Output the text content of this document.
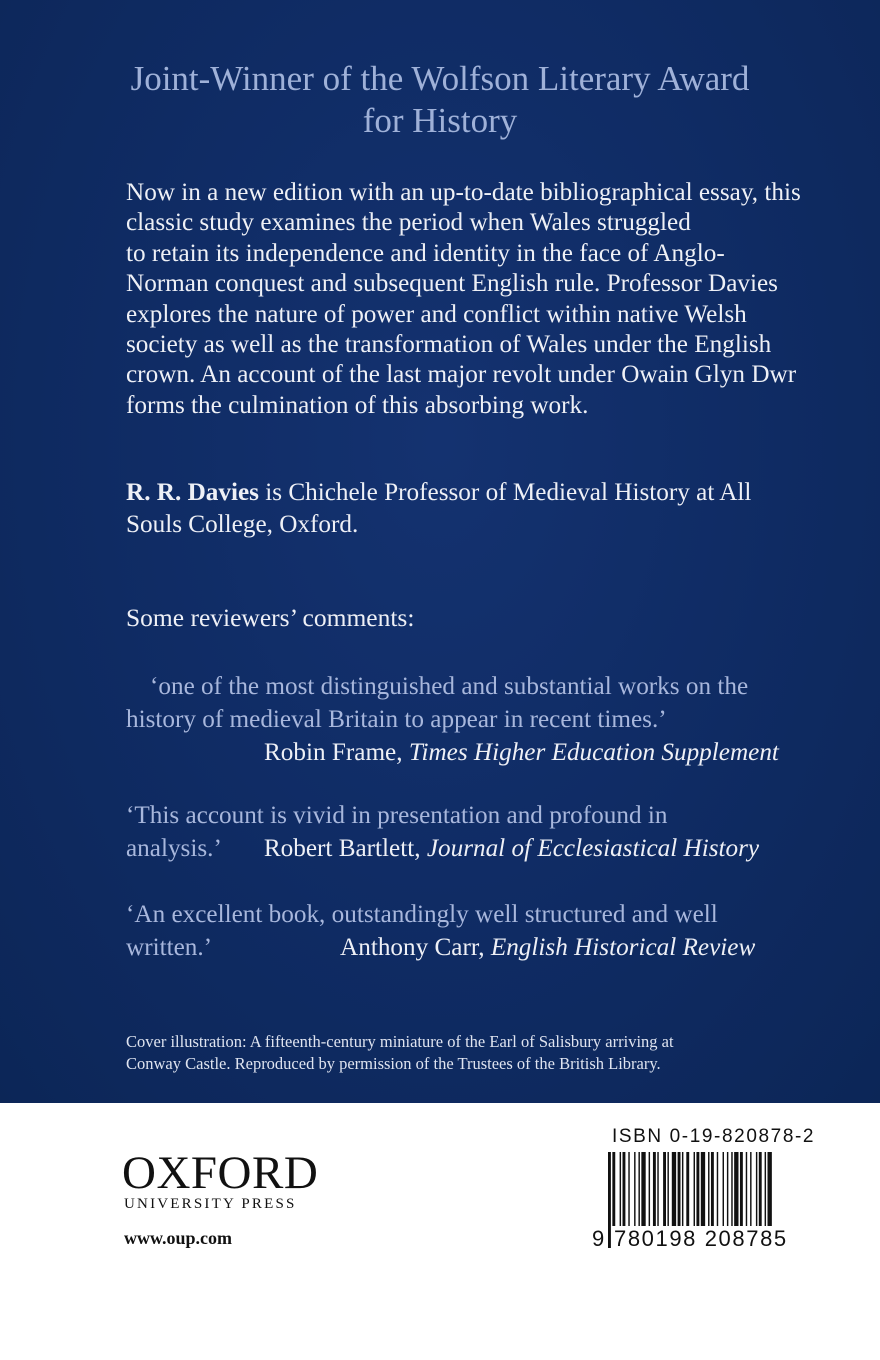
Joint-Winner of the Wolfson Literary Award
for History
Now in a new edition with an up-to-date bibliographical essay, this
classic study examines the period when Wales struggled
to retain its independence and identity in the face of Anglo-
Norman conquest and subsequent English rule. Professor Davies
explores the nature of power and conflict within native Welsh
society as well as the transformation of Wales under the English
crown. An account of the last major revolt under Owain Glyn Dwr
forms the culmination of this absorbing work.
R. R. Davies is Chichele Professor of Medieval History at All
Souls College, Oxford.
Some reviewers’ comments:
‘one of the most distinguished and substantial works on the
history of medieval Britain to appear in recent times.’
Robin Frame, Times Higher Education Supplement
‘This account is vivid in presentation and profound in
analysis.’ Robert Bartlett, Journal of Ecclesiastical History
‘An excellent book, outstandingly well structured and well
written.’	Anthony Carr, English Historical Review
Cover illustration: A fifteenth-century miniature of the Earl of Salisbury arriving at
Conway Castle. Reproduced by permission of the Trustees of the British Library.
OXFORD
UNIVERSITY PRESS
www.oup.com
ISBN 0-19-820878-2
9 780198 208785
